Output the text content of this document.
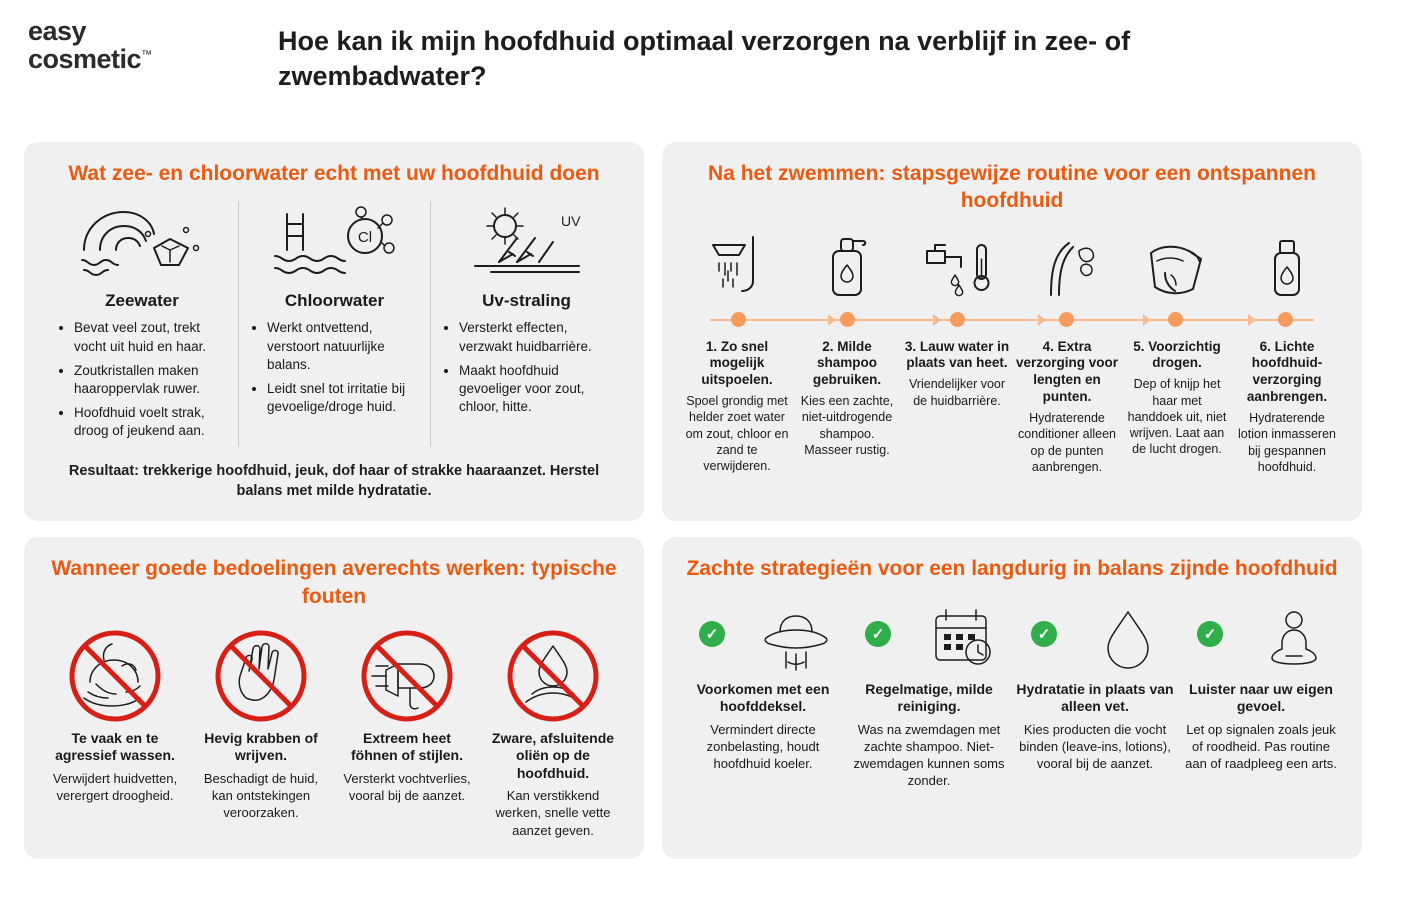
easy
cosmetic™	Hoe kan ik mijn hoofdhuid optimaal verzorgen na verblijf in zee- of zwembadwater?
Wat zee- en chloorwater echt met uw hoofdhuid doen
Zeewater
• Bevat veel zout, trekt vocht uit huid en haar.
• Zoutkristallen maken haaroppervlak ruwer.
• Hoofdhuid voelt strak, droog of jeukend aan.
Cl
Chloorwater
• Werkt ontvettend, verstoort natuurlijke balans.
• Leidt snel tot irritatie bij gevoelige/droge huid.
UV
Uv-straling
• Versterkt effecten, verzwakt huidbarrière.
• Maakt hoofdhuid gevoeliger voor zout, chloor, hitte.
Resultaat: trekkerige hoofdhuid, jeuk, dof haar of strakke haaraanzet. Herstel balans met milde hydratatie.
Na het zwemmen: stapsgewijze routine voor een ontspannen hoofdhuid
1. Zo snel mogelijk uitspoelen.

Spoel grondig met helder zoet water om zout, chloor en zand te verwijderen.

2. Milde shampoo gebruiken.

Kies een zachte, niet-uitdrogende shampoo. Masseer rustig.

3. Lauw water in plaats van heet.

Vriendelijker voor de huidbarrière.

4. Extra verzorging voor lengten en punten.

Hydraterende conditioner alleen op de punten aanbrengen.

5. Voorzichtig drogen.

Dep of knijp het haar met handdoek uit, niet wrijven. Laat aan de lucht drogen.

6. Lichte hoofdhuid-verzorging aanbrengen.

Hydraterende lotion inmasseren bij gespannen hoofdhuid.

Wanneer goede bedoelingen averechts werken: typische fouten
Te vaak en te agressief wassen.

Verwijdert huidvetten, verergert droogheid.

Hevig krabben of wrijven.

Beschadigt de huid, kan ontstekingen veroorzaken.

Extreem heet föhnen of stijlen.

Versterkt vochtverlies, vooral bij de aanzet.

Zware, afsluitende oliën op de hoofdhuid.

Kan verstikkend werken, snelle vette aanzet geven.

Zachte strategieën voor een langdurig in balans zijnde hoofdhuid
✓
Voorkomen met een hoofddeksel.

Vermindert directe zonbelasting, houdt hoofdhuid koeler.

✓
Regelmatige, milde reiniging.

Was na zwemdagen met zachte shampoo. Niet-zwemdagen kunnen soms zonder.

✓
Hydratatie in plaats van alleen vet.

Kies producten die vocht binden (leave-ins, lotions), vooral bij de aanzet.

✓
Luister naar uw eigen gevoel.

Let op signalen zoals jeuk of roodheid. Pas routine aan of raadpleeg een arts.
